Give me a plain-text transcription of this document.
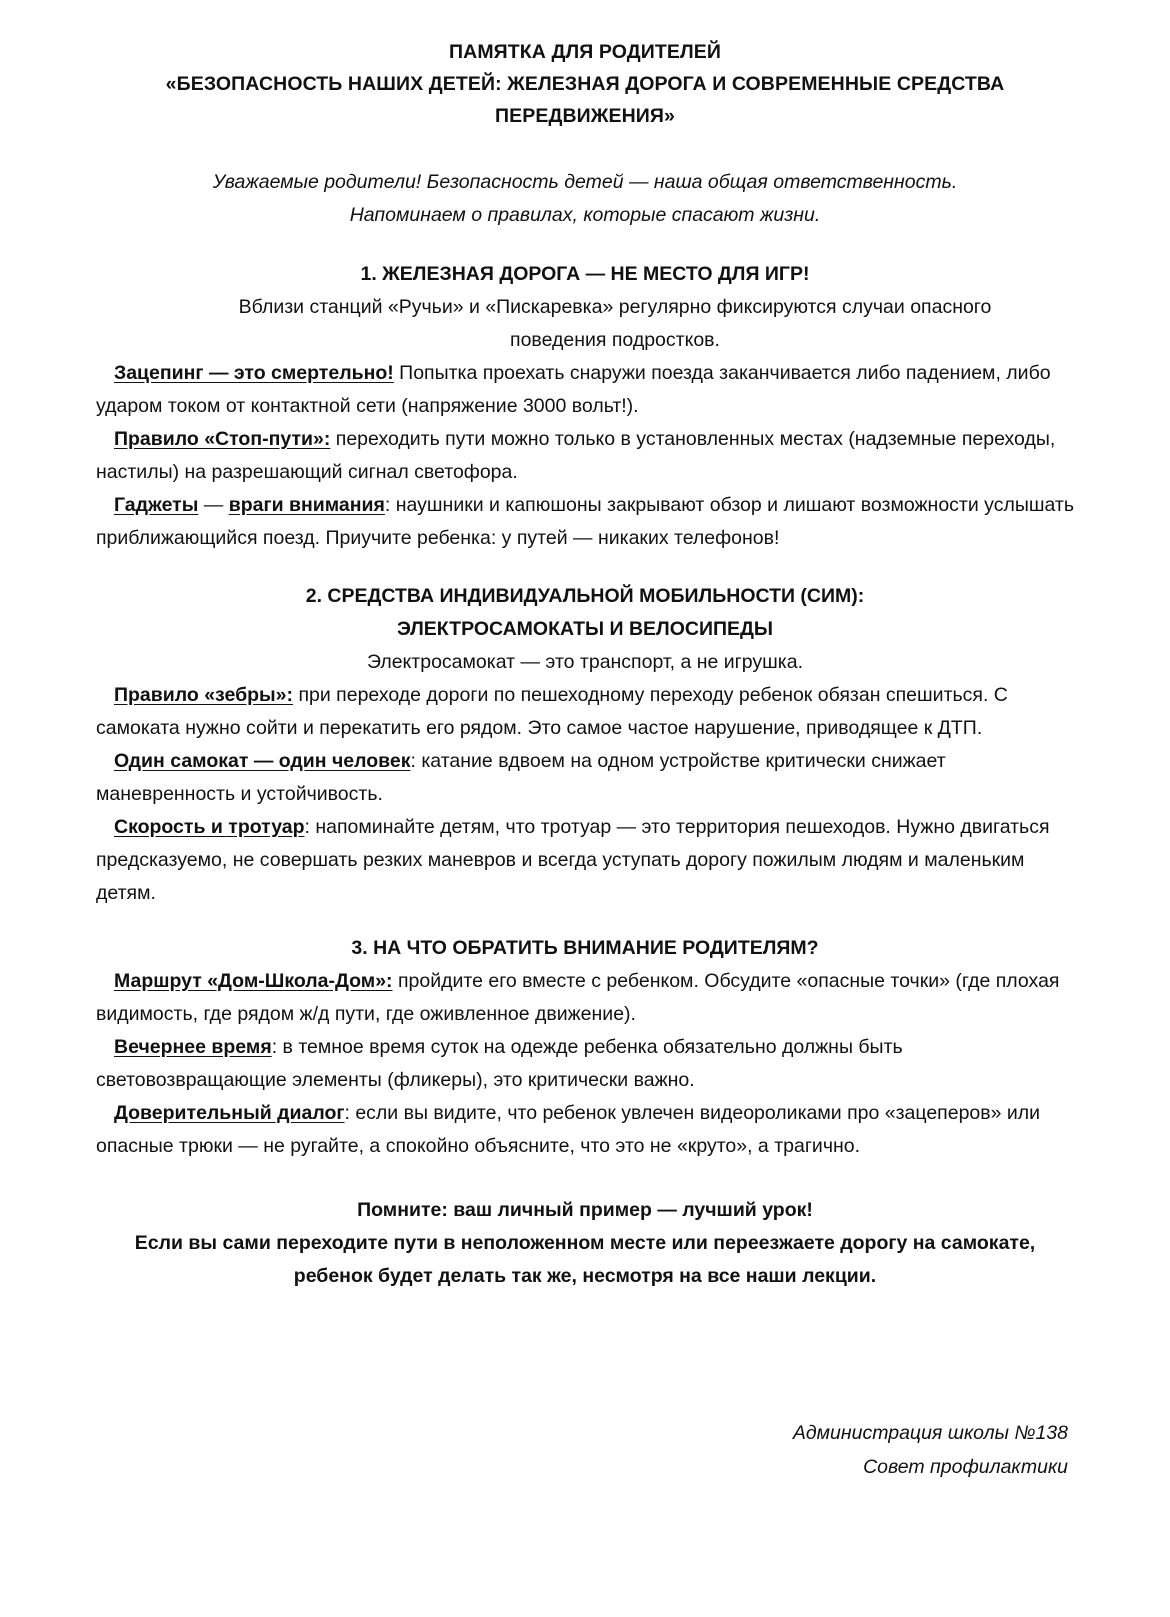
ПАМЯТКА ДЛЯ РОДИТЕЛЕЙ
«БЕЗОПАСНОСТЬ НАШИХ ДЕТЕЙ: ЖЕЛЕЗНАЯ ДОРОГА И СОВРЕМЕННЫЕ СРЕДСТВА
ПЕРЕДВИЖЕНИЯ»
Уважаемые родители! Безопасность детей — наша общая ответственность.
Напоминаем о правилах, которые спасают жизни.
1. ЖЕЛЕЗНАЯ ДОРОГА — НЕ МЕСТО ДЛЯ ИГР!
Вблизи станций «Ручьи» и «Пискаревка» регулярно фиксируются случаи опасного поведения подростков.
Зацепинг — это смертельно! Попытка проехать снаружи поезда заканчивается либо падением, либо ударом током от контактной сети (напряжение 3000 вольт!).
Правило «Стоп-пути»: переходить пути можно только в установленных местах (надземные переходы, настилы) на разрешающий сигнал светофора.
Гаджеты — враги внимания: наушники и капюшоны закрывают обзор и лишают возможности услышать приближающийся поезд. Приучите ребенка: у путей — никаких телефонов!
2. СРЕДСТВА ИНДИВИДУАЛЬНОЙ МОБИЛЬНОСТИ (СИМ):
ЭЛЕКТРОСАМОКАТЫ И ВЕЛОСИПЕДЫ
Электросамокат — это транспорт, а не игрушка.
Правило «зебры»: при переходе дороги по пешеходному переходу ребенок обязан спешиться. С самоката нужно сойти и перекатить его рядом. Это самое частое нарушение, приводящее к ДТП.
Один самокат — один человек: катание вдвоем на одном устройстве критически снижает маневренность и устойчивость.
Скорость и тротуар: напоминайте детям, что тротуар — это территория пешеходов. Нужно двигаться предсказуемо, не совершать резких маневров и всегда уступать дорогу пожилым людям и маленьким детям.
3. НА ЧТО ОБРАТИТЬ ВНИМАНИЕ РОДИТЕЛЯМ?
Маршрут «Дом-Школа-Дом»: пройдите его вместе с ребенком. Обсудите «опасные точки» (где плохая видимость, где рядом ж/д пути, где оживленное движение).
Вечернее время: в темное время суток на одежде ребенка обязательно должны быть световозвращающие элементы (фликеры), это критически важно.
Доверительный диалог: если вы видите, что ребенок увлечен видеороликами про «зацеперов» или опасные трюки — не ругайте, а спокойно объясните, что это не «круто», а трагично.
Помните: ваш личный пример — лучший урок!
Если вы сами переходите пути в неположенном месте или переезжаете дорогу на самокате,
ребенок будет делать так же, несмотря на все наши лекции.
Администрация школы №138
Совет профилактики
